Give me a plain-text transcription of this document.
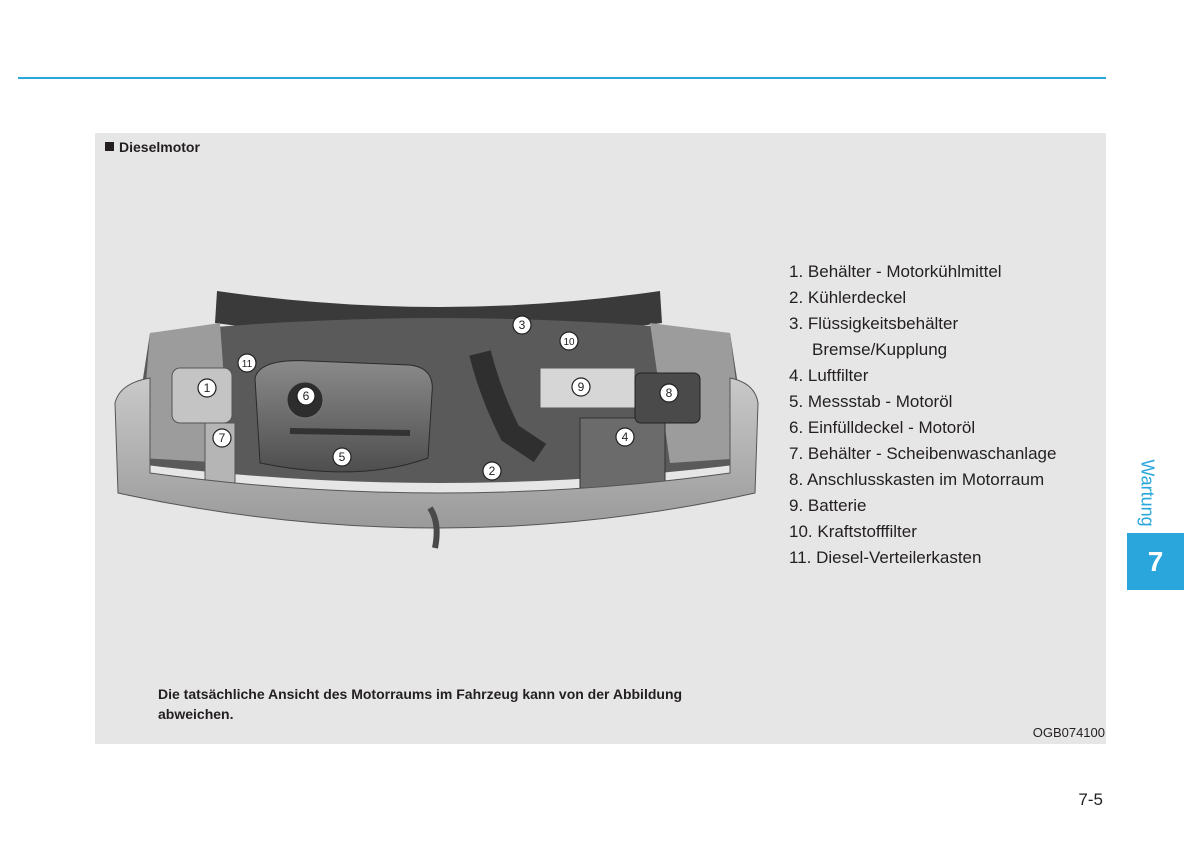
Dieselmotor
1
2
3
4
5
6
7
8
9
10
11
1. Behälter - Motorkühlmittel
2. Kühlerdeckel
3. Flüssigkeitsbehälter
Bremse/Kupplung
4. Luftfilter
5. Messstab - Motoröl
6. Einfülldeckel - Motoröl
7. Behälter - Scheibenwaschanlage
8. Anschlusskasten im Motorraum
9. Batterie
10. Kraftstofffilter
11. Diesel-Verteilerkasten
Die tatsächliche Ansicht des Motorraums im Fahrzeug kann von der Abbildung abweichen.
OGB074100
Wartung
7
7-5
